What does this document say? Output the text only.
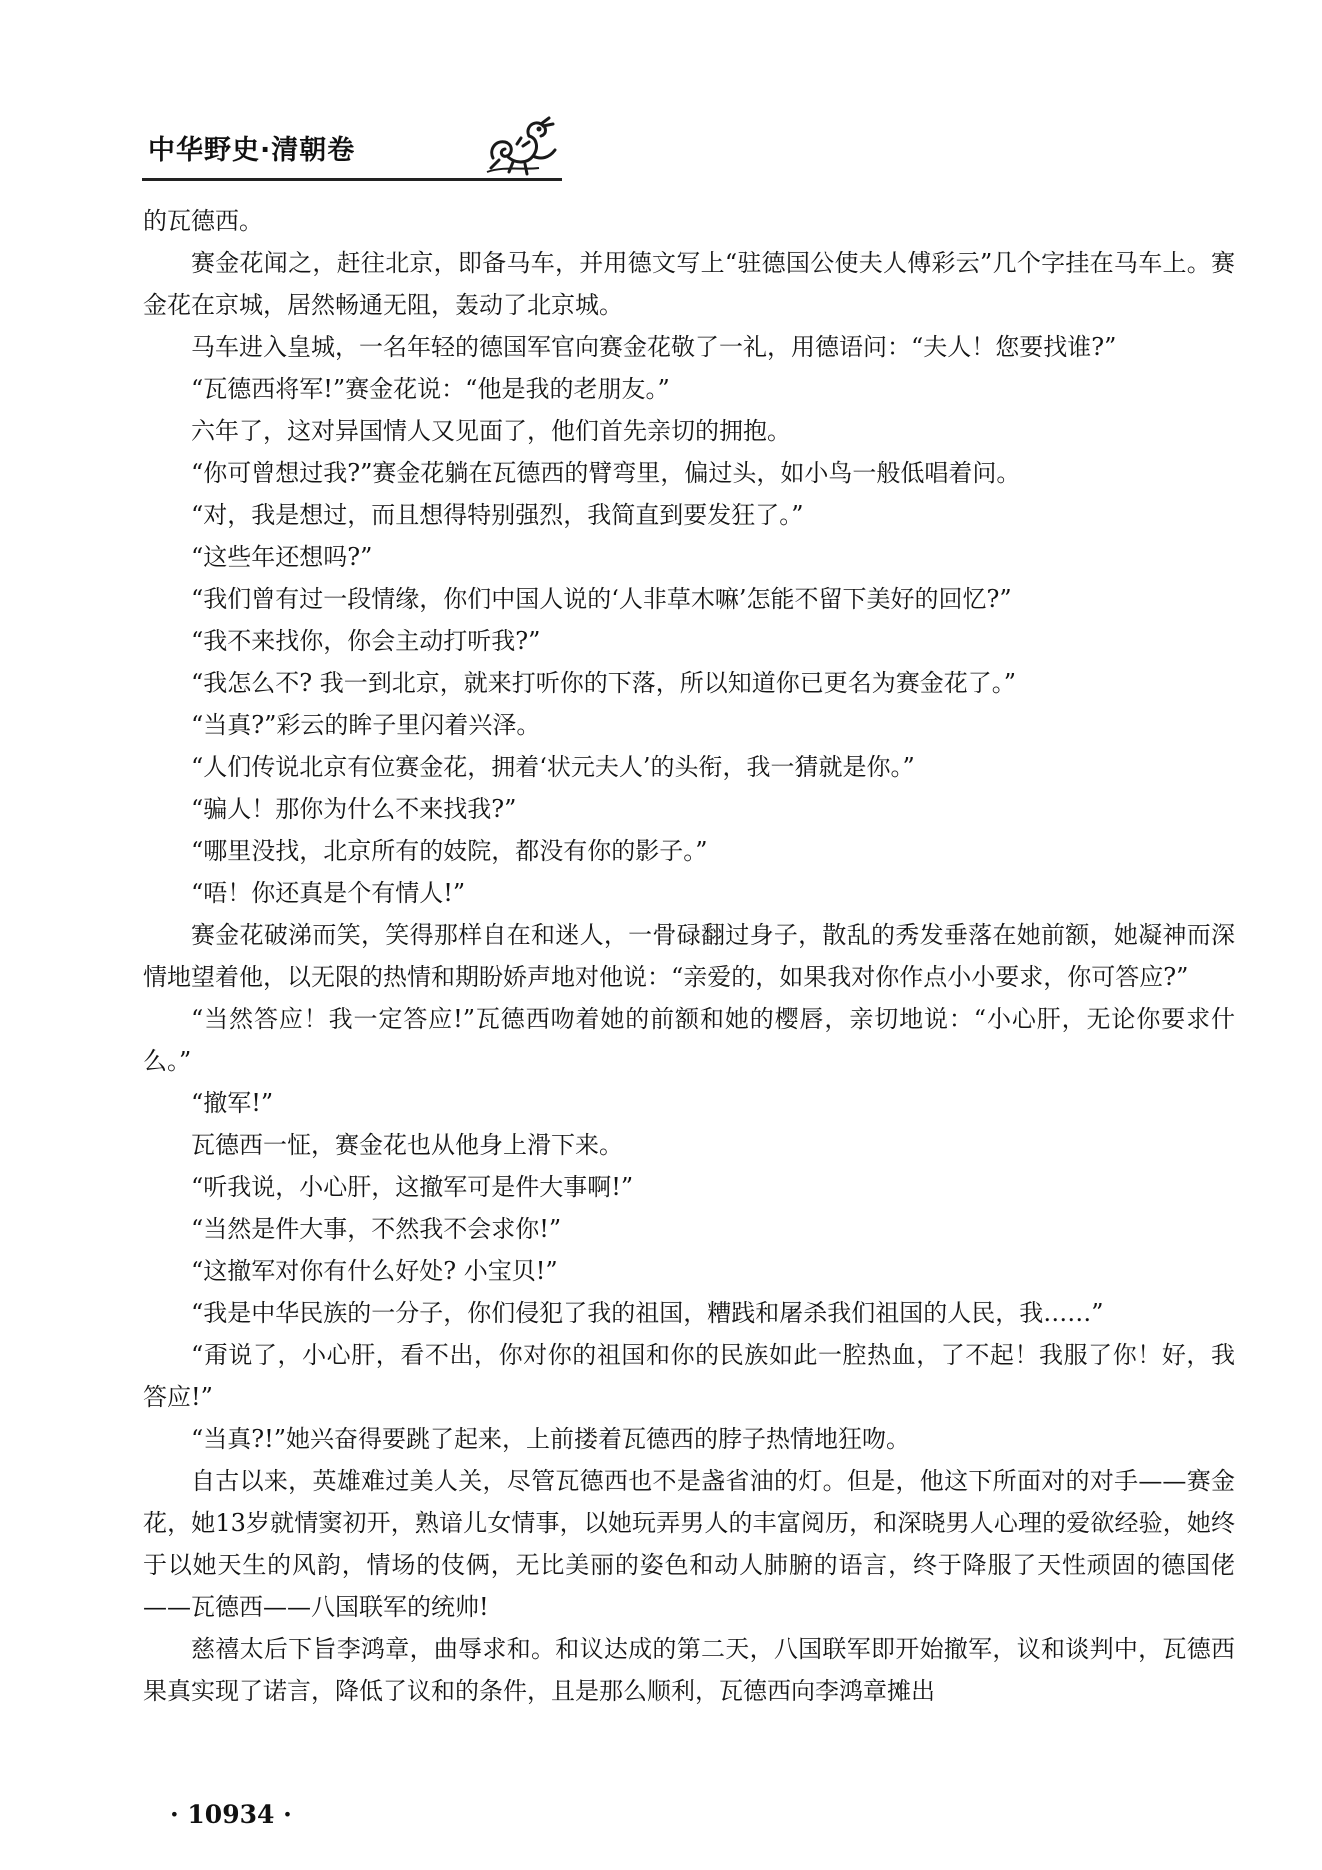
中华野史·清朝卷

的瓦德西。

赛金花闻之，赶往北京，即备马车，并用德文写上“驻德国公使夫人傅彩云”几个字挂在马车上。赛金花在京城，居然畅通无阻，轰动了北京城。

马车进入皇城，一名年轻的德国军官向赛金花敬了一礼，用德语问：“夫人！您要找谁?”

“瓦德西将军!”赛金花说：“他是我的老朋友。”

六年了，这对异国情人又见面了，他们首先亲切的拥抱。

“你可曾想过我?”赛金花躺在瓦德西的臂弯里，偏过头，如小鸟一般低唱着问。

“对，我是想过，而且想得特别强烈，我简直到要发狂了。”

“这些年还想吗?”

“我们曾有过一段情缘，你们中国人说的‘人非草木嘛’怎能不留下美好的回忆?”

“我不来找你，你会主动打听我?”

“我怎么不? 我一到北京，就来打听你的下落，所以知道你已更名为赛金花了。”

“当真?”彩云的眸子里闪着兴泽。

“人们传说北京有位赛金花，拥着‘状元夫人’的头衔，我一猜就是你。”

“骗人！那你为什么不来找我?”

“哪里没找，北京所有的妓院，都没有你的影子。”

“唔！你还真是个有情人!”

赛金花破涕而笑，笑得那样自在和迷人，一骨碌翻过身子，散乱的秀发垂落在她前额，她凝神而深情地望着他，以无限的热情和期盼娇声地对他说：“亲爱的，如果我对你作点小小要求，你可答应?”

“当然答应！我一定答应!”瓦德西吻着她的前额和她的樱唇，亲切地说：“小心肝，无论你要求什么。”

“撤军!”

瓦德西一怔，赛金花也从他身上滑下来。

“听我说，小心肝，这撤军可是件大事啊!”

“当然是件大事，不然我不会求你!”

“这撤军对你有什么好处? 小宝贝!”

“我是中华民族的一分子，你们侵犯了我的祖国，糟践和屠杀我们祖国的人民，我……”

“甭说了，小心肝，看不出，你对你的祖国和你的民族如此一腔热血，了不起！我服了你！好，我答应!”

“当真?!”她兴奋得要跳了起来，上前搂着瓦德西的脖子热情地狂吻。

自古以来，英雄难过美人关，尽管瓦德西也不是盏省油的灯。但是，他这下所面对的对手——赛金花，她13岁就情窦初开，熟谙儿女情事，以她玩弄男人的丰富阅历，和深晓男人心理的爱欲经验，她终于以她天生的风韵，情场的伎俩，无比美丽的姿色和动人肺腑的语言，终于降服了天性顽固的德国佬——瓦德西——八国联军的统帅!

慈禧太后下旨李鸿章，曲辱求和。和议达成的第二天，八国联军即开始撤军，议和谈判中，瓦德西果真实现了诺言，降低了议和的条件，且是那么顺利，瓦德西向李鸿章摊出

· 10934 ·
